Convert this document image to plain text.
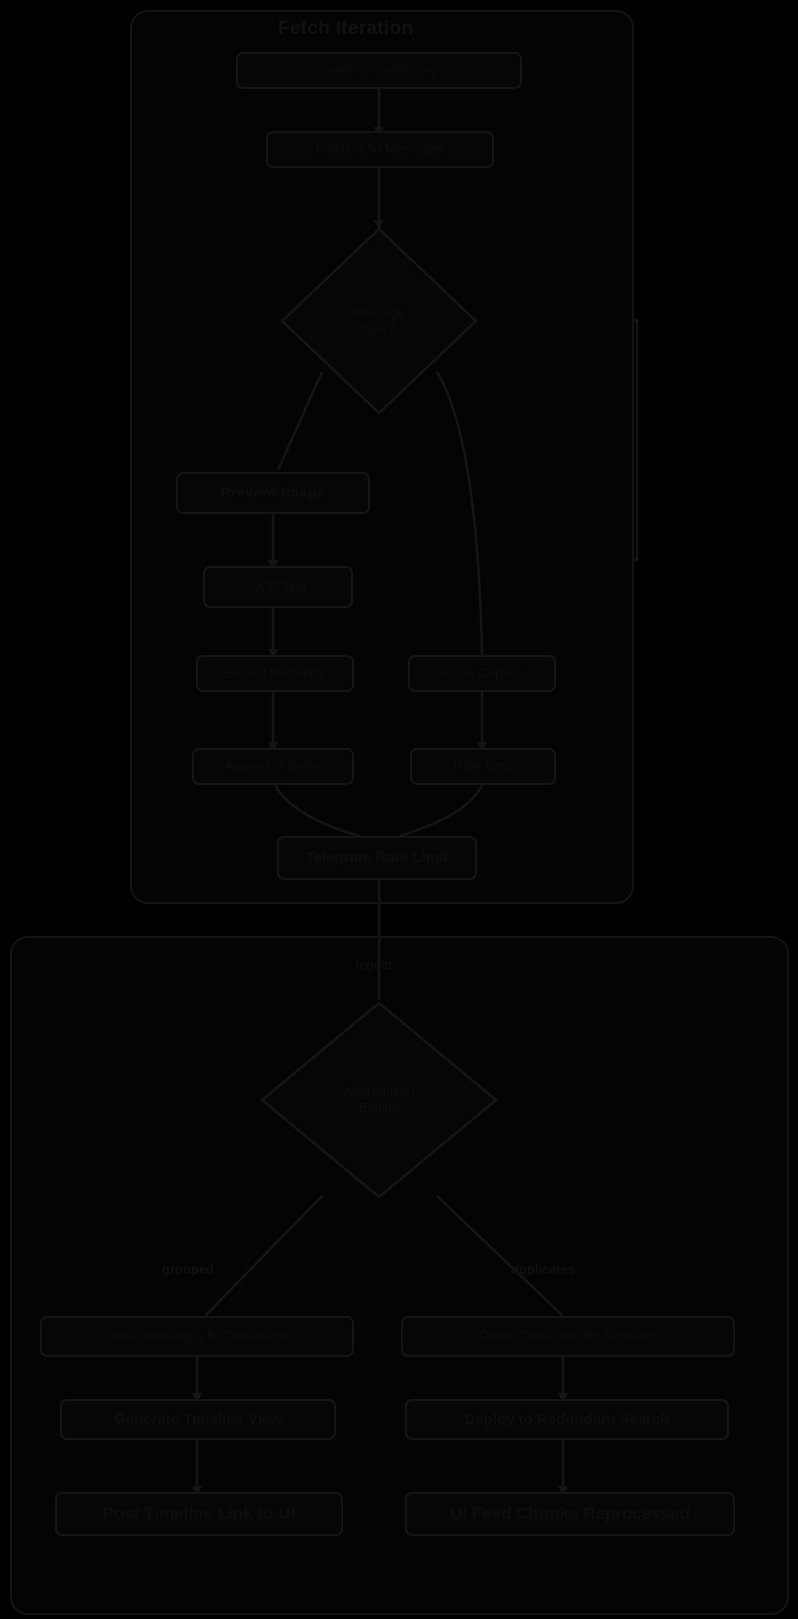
Fetch Iteration
Telethon GetHistory
Batch of 50 Messages
Message
type?
Preview Image
OCR Text
Extract Metadata	Parse Caption
Append to Buffer	Rate Limit
Telegram Rate Limit
Aggregation
Engine
Group Messages By Timestamp	Detect Duplicates By Similarity
Generate Timeline View	Deploy to Redundant Search
Post Timeline Link to UI	UI Feed Chunks Reprocessed
repeat
grouped	duplicates
